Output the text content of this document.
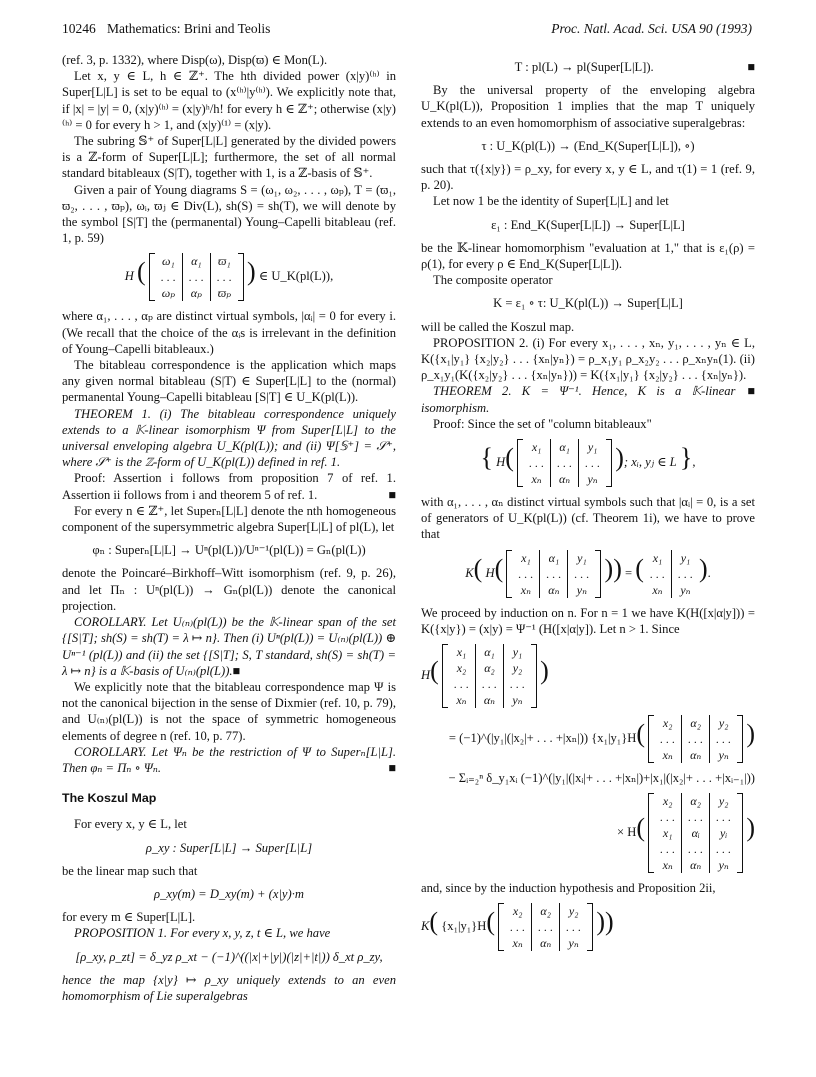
10246 Mathematics: Brini and Teolis	Proc. Natl. Acad. Sci. USA 90 (1993)

(ref. 3, p. 1332), where Disp(ω), Disp(ϖ) ∈ Mon(L).

Let x, y ∈ L, h ∈ ℤ⁺. The hth divided power (x|y)⁽ʰ⁾ in Super[L|L] is set to be equal to (x⁽ʰ⁾|y⁽ʰ⁾). We explicitly note that, if |x| = |y| = 0, (x|y)⁽ʰ⁾ = (x|y)ʰ/h! for every h ∈ ℤ⁺; otherwise (x|y)⁽ʰ⁾ = 0 for every h > 1, and (x|y)⁽¹⁾ = (x|y).

The subring 𝕊⁺ of Super[L|L] generated by the divided powers is a ℤ-form of Super[L|L]; furthermore, the set of all normal standard bitableaux (S|T), together with 1, is a ℤ-basis of 𝕊⁺.

Given a pair of Young diagrams S = (ω₁, ω₂, . . . , ωₚ), T = (ϖ₁, ϖ₂, . . . , ϖₚ), ωᵢ, ϖⱼ ∈ Div(L), sh(S) = sh(T), we will denote by the symbol [S|T] the (permanental) Young–Capelli bitableau (ref. 1, p. 59)

H ( ω₁	α₁	ϖ₁
. . .	. . .	. . .
ωₚ	αₚ	ϖₚ
) ∈ U_K(pl(L)),

where α₁, . . . , αₚ are distinct virtual symbols, |αᵢ| = 0 for every i. (We recall that the choice of the αᵢs is irrelevant in the definition of Young–Capelli bitableaux.)

The bitableau correspondence is the application which maps any given normal bitableau (S|T) ∈ Super[L|L] to the (normal) permanental Young–Capelli bitableau [S|T] ∈ U_K(pl(L)).

THEOREM 1. (i) The bitableau correspondence uniquely extends to a 𝕂-linear isomorphism Ψ from Super[L|L] to the universal enveloping algebra U_K(pl(L)); and (ii) Ψ[𝕊⁺] = 𝒮⁺, where 𝒮⁺ is the ℤ-form of U_K(pl(L)) defined in ref. 1.

Proof: Assertion i follows from proposition 7 of ref. 1. Assertion ii follows from i and theorem 5 of ref. 1.	■

For every n ∈ ℤ⁺, let Superₙ[L|L] denote the nth homogeneous component of the supersymmetric algebra Super[L|L] of pl(L), let

φₙ : Superₙ[L|L] → Uⁿ(pl(L))/Uⁿ⁻¹(pl(L)) = Gₙ(pl(L))

denote the Poincaré–Birkhoff–Witt isomorphism (ref. 9, p. 26), and let Πₙ : Uⁿ(pl(L)) → Gₙ(pl(L)) denote the canonical projection.

COROLLARY. Let U₍ₙ₎(pl(L)) be the 𝕂-linear span of the set {[S|T]; sh(S) = sh(T) = λ ↦ n}. Then (i) Uⁿ(pl(L)) = U₍ₙ₎(pl(L)) ⊕ Uⁿ⁻¹ (pl(L)) and (ii) the set {[S|T]; S, T standard, sh(S) = sh(T) = λ ↦ n} is a 𝕂-basis of U₍ₙ₎(pl(L)).■

We explicitly note that the bitableau correspondence map Ψ is not the canonical bijection in the sense of Dixmier (ref. 10, p. 79), and U₍ₙ₎(pl(L)) is not the space of symmetric homogeneous elements of degree n (ref. 10, p. 77).

COROLLARY. Let Ψₙ be the restriction of Ψ to Superₙ[L|L]. Then φₙ = Πₙ ∘ Ψₙ.	■

The Koszul Map

For every x, y ∈ L, let

ρ_xy : Super[L|L] → Super[L|L]

be the linear map such that

ρ_xy(m) = D_xy(m) + (x|y)·m

for every m ∈ Super[L|L].

PROPOSITION 1. For every x, y, z, t ∈ L, we have

[ρ_xy, ρ_zt] = δ_yz ρ_xt − (−1)^((|x|+|y|)(|z|+|t|)) δ_xt ρ_zy,

hence the map {x|y} ↦ ρ_xy uniquely extends to an even homomorphism of Lie superalgebras

T : pl(L) → pl(Super[L|L]).	■

By the universal property of the enveloping algebra U_K(pl(L)), Proposition 1 implies that the map T uniquely extends to an even homomorphism of associative superalgebras:

τ : U_K(pl(L)) → (End_K(Super[L|L]), ∘)

such that τ({x|y}) = ρ_xy, for every x, y ∈ L, and τ(1) = 1 (ref. 9, p. 20).

Let now 1 be the identity of Super[L|L] and let

ε₁ : End_K(Super[L|L]) → Super[L|L]

be the 𝕂-linear homomorphism "evaluation at 1," that is ε₁(ρ) = ρ(1), for every ρ ∈ End_K(Super[L|L]).

The composite operator

K = ε₁ ∘ τ: U_K(pl(L)) → Super[L|L]

will be called the Koszul map.

PROPOSITION 2. (i) For every x₁, . . . , xₙ, y₁, . . . , yₙ ∈ L, K({x₁|y₁} {x₂|y₂} . . . {xₙ|yₙ}) = ρ_x₁y₁ ρ_x₂y₂ . . . ρ_xₙyₙ(1). (ii) ρ_x₁y₁(K({x₂|y₂} . . . {xₙ|yₙ})) = K({x₁|y₁} {x₂|y₂} . . . {xₙ|yₙ}).
■

THEOREM 2. K = Ψ⁻¹. Hence, K is a 𝕂-linear isomorphism.

Proof: Since the set of "column bitableaux"

{ H( x₁	α₁	y₁
. . .	. . .	. . .
xₙ	αₙ	yₙ
); xᵢ, yⱼ ∈ L },

with α₁, . . . , αₙ distinct virtual symbols such that |αᵢ| = 0, is a set of generators of U_K(pl(L)) (cf. Theorem 1i), we have to prove that

K( H( x₁	α₁	y₁
. . .	. . .	. . .
xₙ	αₙ	yₙ
)) = ( x₁	y₁
. . .	. . .
xₙ	yₙ).

We proceed by induction on n. For n = 1 we have K(H([x|α|y])) = K({x|y}) = (x|y) = Ψ⁻¹ (H([x|α|y]). Let n > 1. Since

H(
x₁	α₁	y₁
x₂	α₂	y₂
. . .	. . .	. . .
xₙ	αₙ	yₙ
)
= (−1)^(|y₁|(|x₂|+ . . . +|xₙ|)) {x₁|y₁}H( x₂	α₂	y₂
. . .	. . .	. . .
xₙ	αₙ	yₙ
)
− Σᵢ₌₂ⁿ δ_y₁xᵢ (−1)^(|y₁|(|xᵢ|+ . . . +|xₙ|)+|x₁|(|x₂|+ . . . +|xᵢ₋₁|))
× H(
x₂	α₂	y₂
. . .	. . .	. . .
x₁	αᵢ	yᵢ
. . .	. . .	. . .
xₙ	αₙ	yₙ
)

and, since by the induction hypothesis and Proposition 2ii,

K( {x₁|y₁}H( x₂	α₂	y₂
. . .	. . .	. . .
xₙ	αₙ	yₙ
))
